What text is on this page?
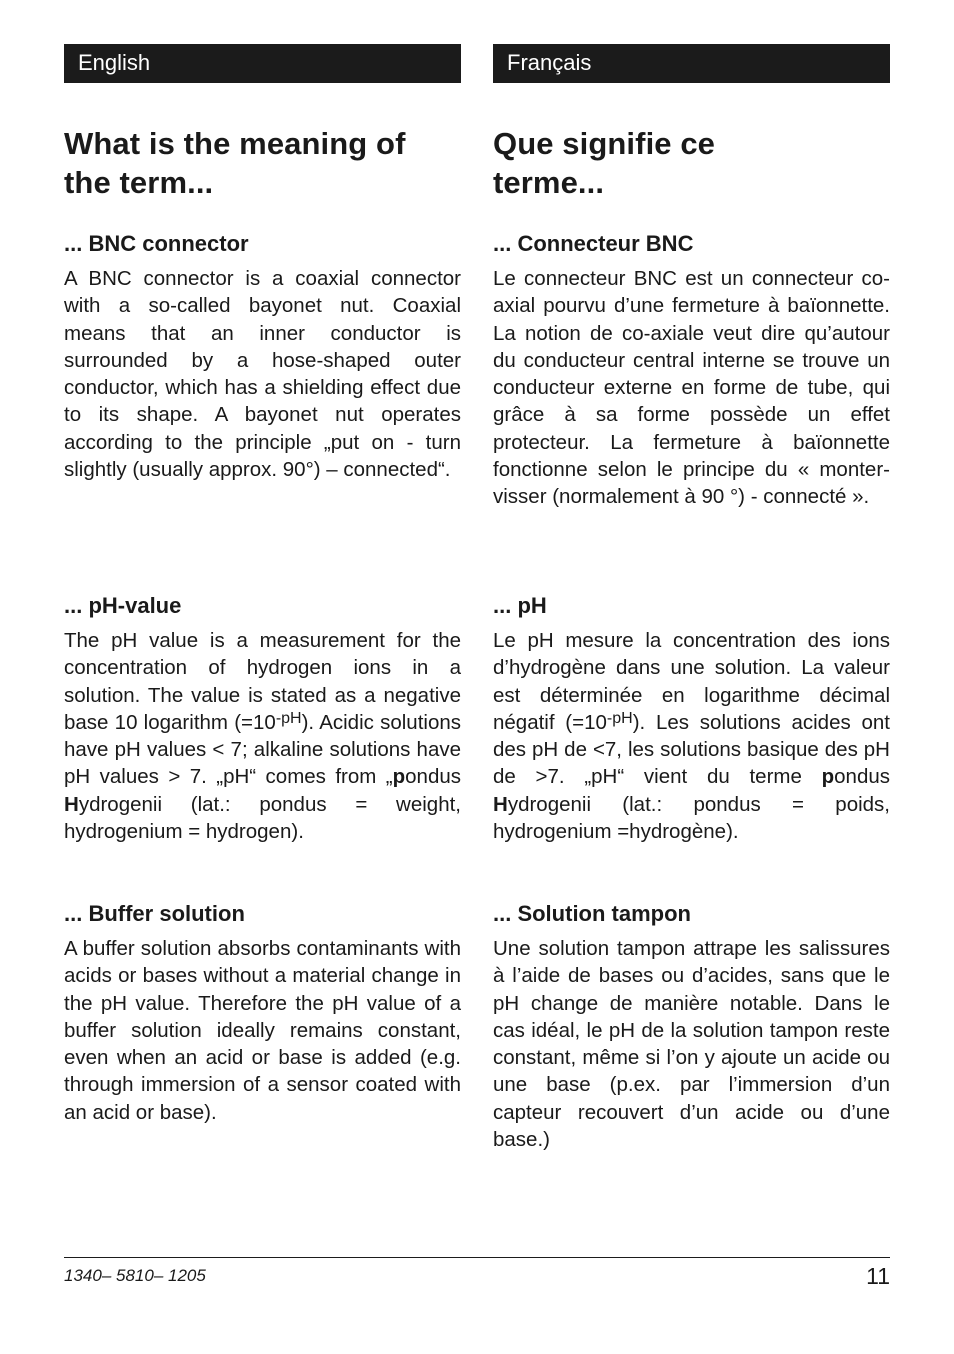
English
What is the meaning of the term...
... BNC connector

A BNC connector is a coaxial connector with a so-called bayonet nut. Coaxial means that an inner conductor is surrounded by a hose-shaped outer conductor, which has a shielding effect due to its shape. A bayonet nut operates according to the principle „put on - turn slightly (usually approx. 90°) – connected“.

... pH-value

The pH value is a measurement for the concentration of hydrogen ions in a solution. The value is stated as a negative base 10 logarithm $(=10^{-pH})$. Acidic solutions have pH values < 7; alkaline solutions have pH values > 7. „pH“ comes from „pondus Hydrogenii (lat.: pondus = weight, hydrogenium = hydrogen).

... Buffer solution

A buffer solution absorbs contaminants with acids or bases without a material change in the pH value. Therefore the pH value of a buffer solution ideally remains constant, even when an acid or base is added (e.g. through immersion of a sensor coated with an acid or base).

Français
Que signifie ce terme...
... Connecteur BNC

Le connecteur BNC est un connecteur co-axial pourvu d’une fermeture à baïonnette. La notion de co-axiale veut dire qu’autour du conducteur central interne se trouve un conducteur externe en forme de tube, qui grâce à sa forme possède un effet protecteur. La fermeture à baïonnette fonctionne selon le principe du « monter- visser (normalement à 90 °) - connecté ».

... pH

Le pH mesure la concentration des ions d’hydrogène dans une solution. La valeur est déterminée en logarithme décimal négatif $(=10^{-pH})$. Les solutions acides ont des pH de <7, les solutions basique des pH de >7. „pH“ vient du terme pondus Hydrogenii (lat.: pondus = poids, hydrogenium =hydrogène).

... Solution tampon

Une solution tampon attrape les salissures à l’aide de bases ou d’acides, sans que le pH change de manière notable. Dans le cas idéal, le pH de la solution tampon reste constant, même si l’on y ajoute un acide ou une base (p.ex. par l’immersion d’un capteur recouvert d’un acide ou d’une base.)

1340– 5810– 1205	11
